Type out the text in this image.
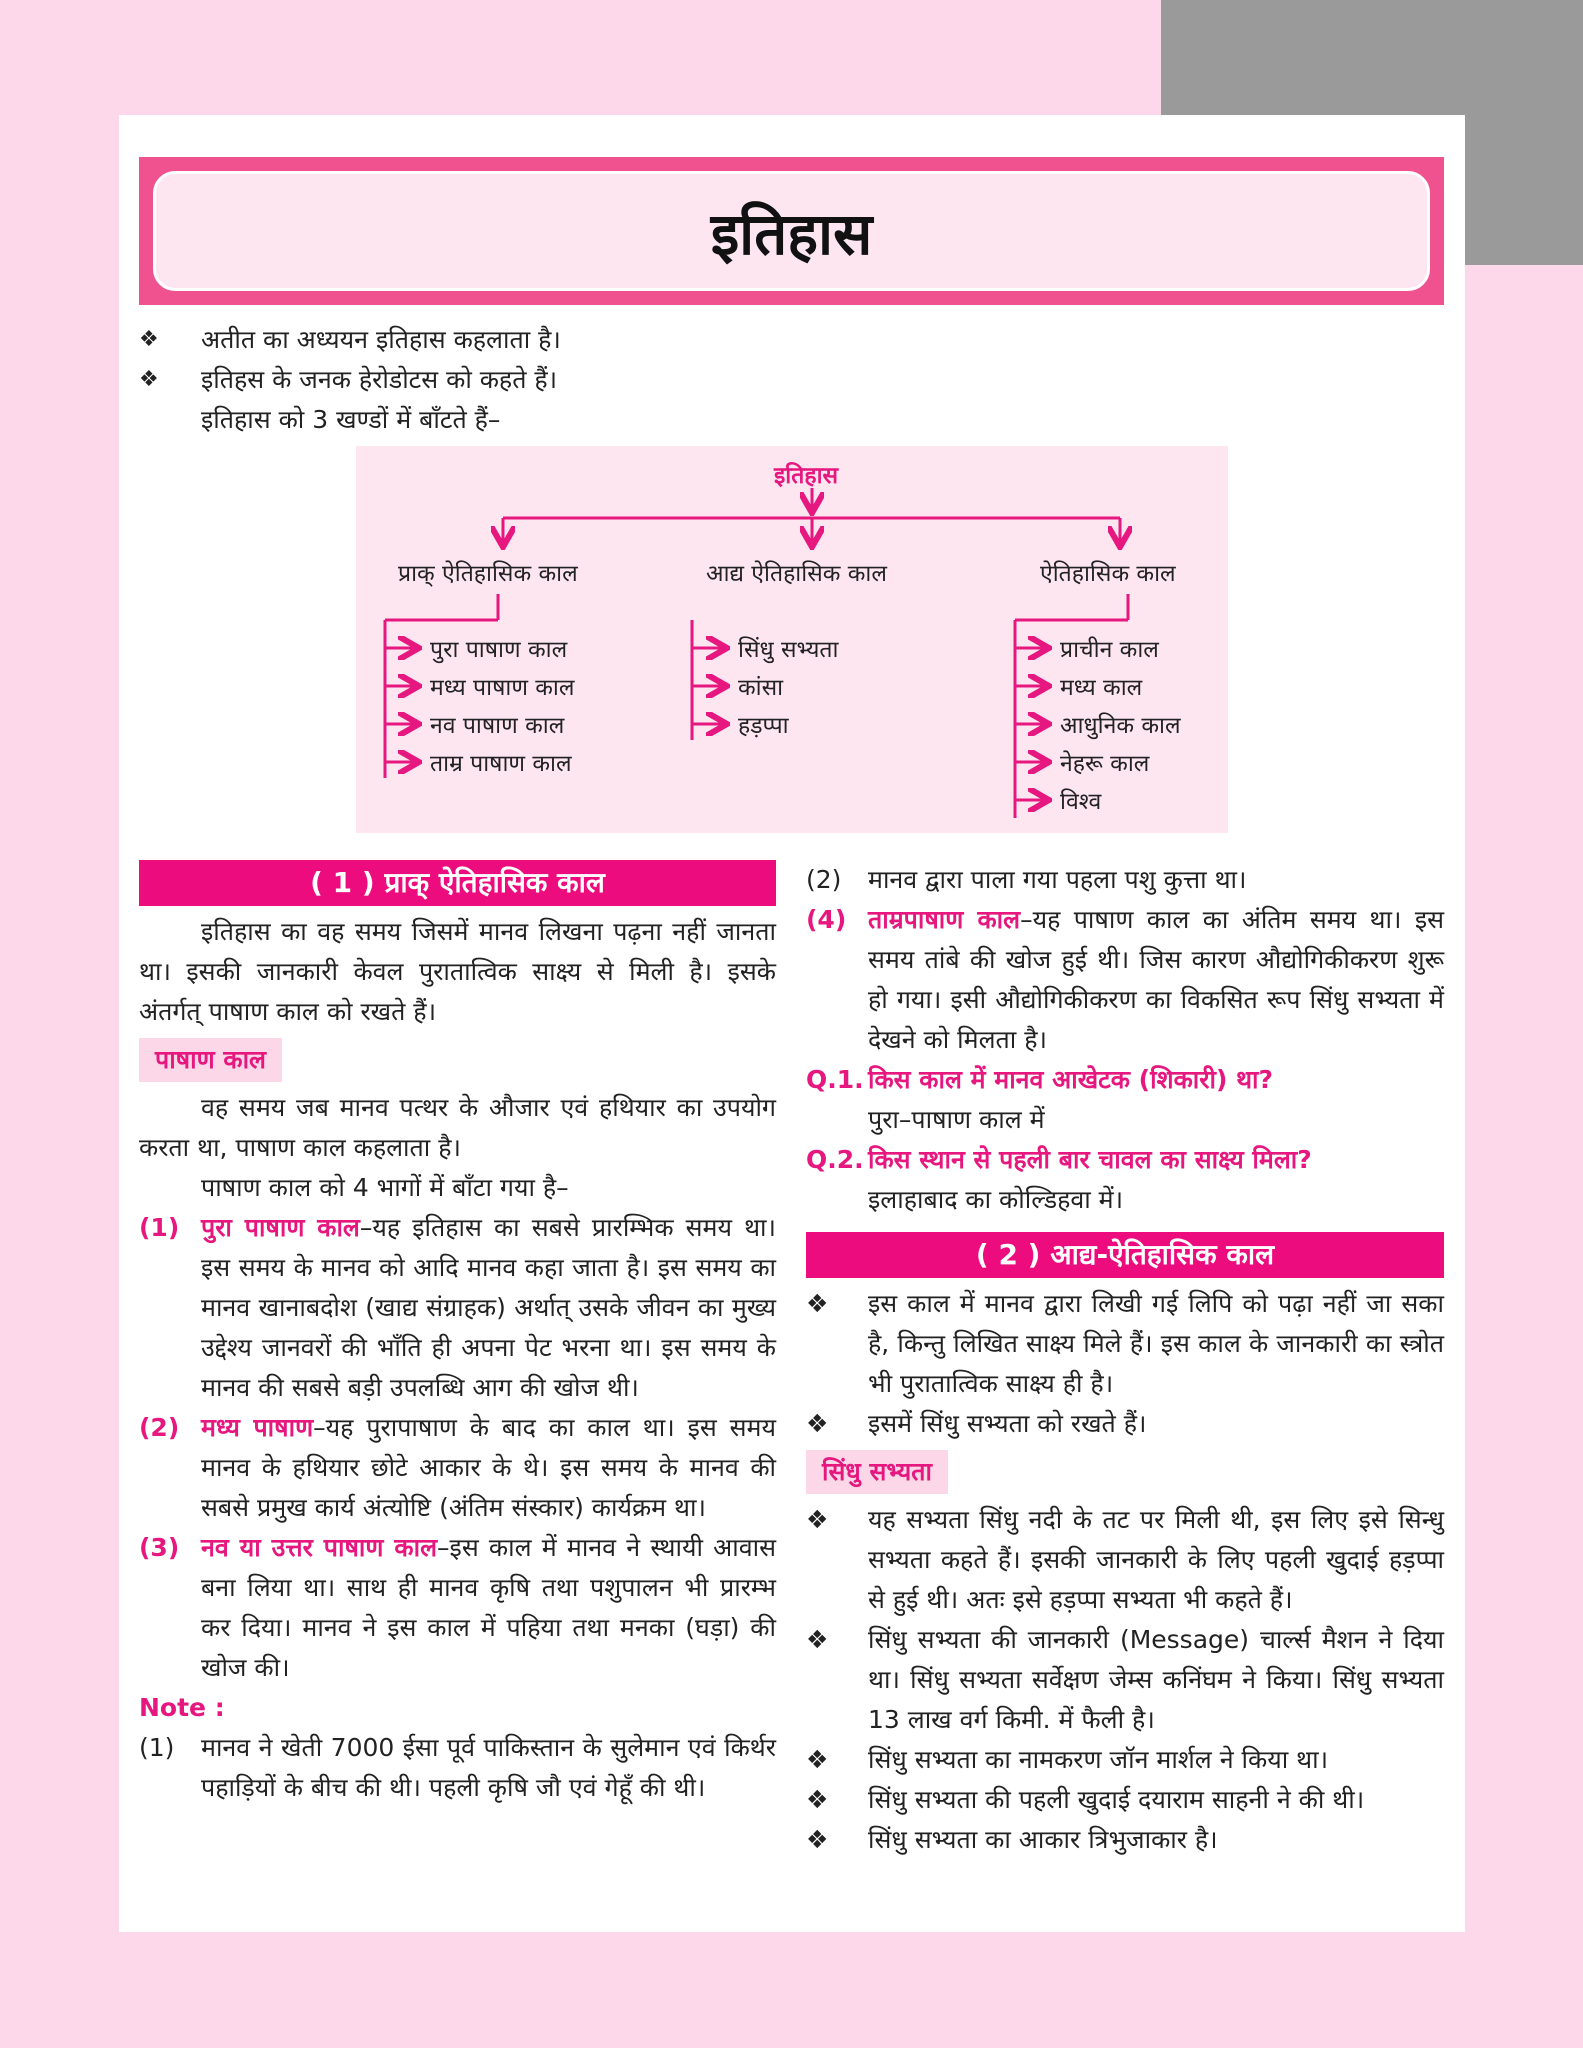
इतिहास
❖	अतीत का अध्ययन इतिहास कहलाता है।
❖	इतिहस के जनक हेरोडोटस को कहते हैं।
इतिहास को 3 खण्डों में बाँटते हैं–
इतिहास
प्राक् ऐतिहासिक काल	आद्य ऐतिहासिक काल	ऐतिहासिक काल
पुरा पाषाण काल
मध्य पाषाण काल
नव पाषाण काल
ताम्र पाषाण काल
सिंधु सभ्यता
कांसा
हड़प्पा
प्राचीन काल
मध्य काल
आधुनिक काल
नेहरू काल
विश्व
( 1 ) प्राक् ऐतिहासिक काल

इतिहास का वह समय जिसमें मानव लिखना पढ़ना नहीं जानता था। इसकी जानकारी केवल पुरातात्विक साक्ष्य से मिली है। इसके अंतर्गत् पाषाण काल को रखते हैं।

पाषाण काल

वह समय जब मानव पत्थर के औजार एवं हथियार का उपयोग करता था, पाषाण काल कहलाता है।

पाषाण काल को 4 भागों में बाँटा गया है–

(1) पुरा पाषाण काल–यह इतिहास का सबसे प्रारम्भिक समय था। इस समय के मानव को आदि मानव कहा जाता है। इस समय का मानव खानाबदोश (खाद्य संग्राहक) अर्थात् उसके जीवन का मुख्य उद्देश्य जानवरों की भाँति ही अपना पेट भरना था। इस समय के मानव की सबसे बड़ी उपलब्धि आग की खोज थी।
(2) मध्य पाषाण–यह पुरापाषाण के बाद का काल था। इस समय मानव के हथियार छोटे आकार के थे। इस समय के मानव की सबसे प्रमुख कार्य अंत्योष्टि (अंतिम संस्कार) कार्यक्रम था।
(3) नव या उत्तर पाषाण काल–इस काल में मानव ने स्थायी आवास बना लिया था। साथ ही मानव कृषि तथा पशुपालन भी प्रारम्भ कर दिया। मानव ने इस काल में पहिया तथा मनका (घड़ा) की खोज की।
Note :
(1)	मानव ने खेती 7000 ईसा पूर्व पाकिस्तान के सुलेमान एवं किर्थर पहाड़ियों के बीच की थी। पहली कृषि जौ एवं गेहूँ की थी।
(2)	मानव द्वारा पाला गया पहला पशु कुत्ता था।
(4) ताम्रपाषाण काल–यह पाषाण काल का अंतिम समय था। इस समय तांबे की खोज हुई थी। जिस कारण औद्योगिकीकरण शुरू हो गया। इसी औद्योगिकीकरण का विकसित रूप सिंधु सभ्यता में देखने को मिलता है।
Q.1. किस काल में मानव आखेटक (शिकारी) था?
पुरा–पाषाण काल में
Q.2. किस स्थान से पहली बार चावल का साक्ष्य मिला?
इलाहाबाद का कोल्डिहवा में।
( 2 ) आद्य-ऐतिहासिक काल
❖	इस काल में मानव द्वारा लिखी गई लिपि को पढ़ा नहीं जा सका है, किन्तु लिखित साक्ष्य मिले हैं। इस काल के जानकारी का स्त्रोत भी पुरातात्विक साक्ष्य ही है।
❖	इसमें सिंधु सभ्यता को रखते हैं।
सिंधु सभ्यता
❖	यह सभ्यता सिंधु नदी के तट पर मिली थी, इस लिए इसे सिन्धु सभ्यता कहते हैं। इसकी जानकारी के लिए पहली खुदाई हड़प्पा से हुई थी। अतः इसे हड़प्पा सभ्यता भी कहते हैं।
❖	सिंधु सभ्यता की जानकारी (Message) चार्ल्स मैशन ने दिया था। सिंधु सभ्यता सर्वेक्षण जेम्स कनिंघम ने किया। सिंधु सभ्यता 13 लाख वर्ग किमी. में फैली है।
❖	सिंधु सभ्यता का नामकरण जॉन मार्शल ने किया था।
❖	सिंधु सभ्यता की पहली खुदाई दयाराम साहनी ने की थी।
❖	सिंधु सभ्यता का आकार त्रिभुजाकार है।
